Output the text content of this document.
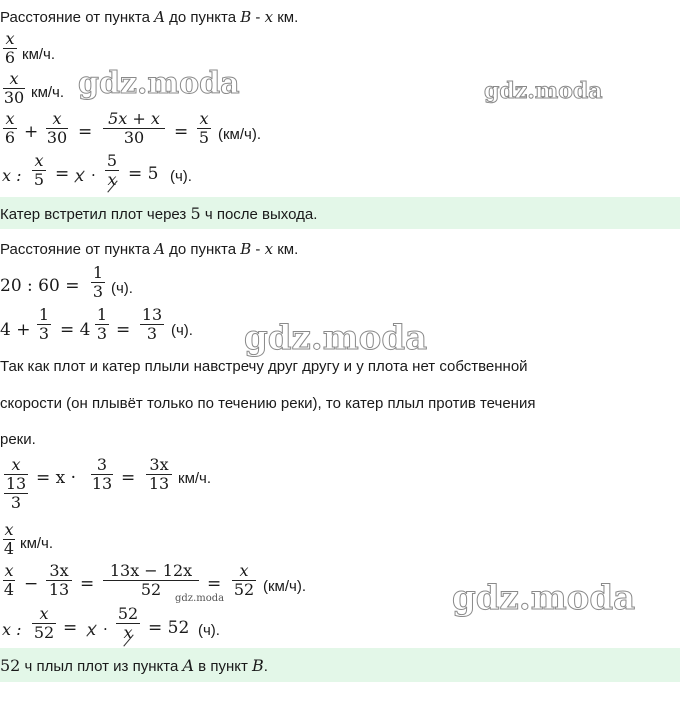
Расстояние от пункта A до пункта B - x км.
x
6 км/ч.
x
30 км/ч.
x
6 +
x
30 =
5x + x
30	=
x
5 (км/ч).
x :
x
5 = x ·
5
x = 5 (ч).
Катер встретил плот через 5 ч после выхода.
Расстояние от пункта A до пункта B - x км.
20 : 60 =
1
3 (ч).
4 +
1
3 = 4
1
3 =
13
3 (ч).
Так как плот и катер плыли навстречу друг другу и у плота нет собственной
скорости (он плывёт только по течению реки), то катер плыл против течения
реки.
x
13
3
= x ·
3
13 =
3x
13 км/ч.
x
4 км/ч.
x
4 −
3x
13 =
13x − 12x
52	=
x
52 (км/ч).
x :
x
52 = x ·
52
x = 52 (ч).
52 ч плыл плот из пункта A в пункт B.
gdz.moda	gdz.moda
gdz.moda
gdz.moda
gdz.moda
